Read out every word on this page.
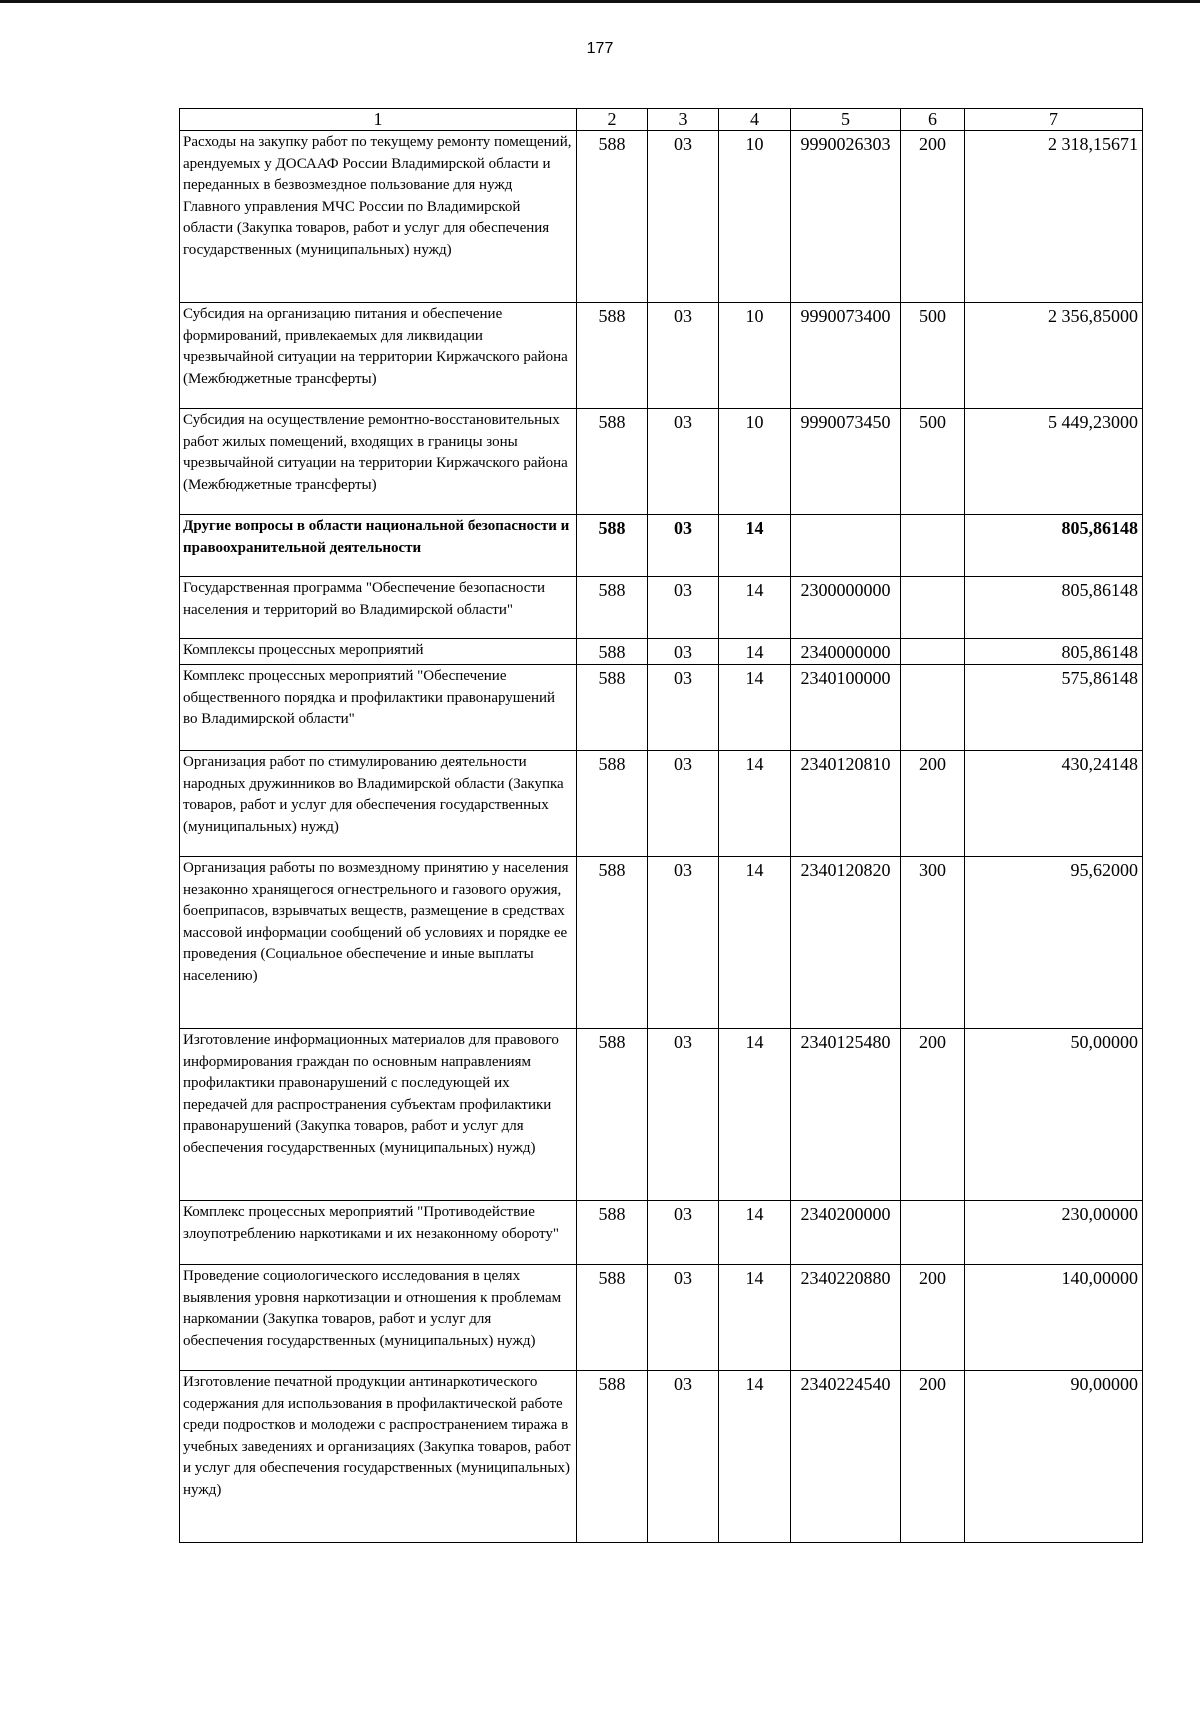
177
1	2	3	4	5	6	7
Расходы на закупку работ по текущему ремонту помещений, арендуемых у ДОСААФ России Владимирской области и переданных в безвозмездное пользование для нужд Главного управления МЧС России по Владимирской области (Закупка товаров, работ и услуг для обеспечения государственных (муниципальных) нужд)	588	03	10	9990026303	200	2 318,15671
Субсидия на организацию питания и обеспечение формирований, привлекаемых для ликвидации чрезвычайной ситуации на территории Киржачского района (Межбюджетные трансферты)	588	03	10	9990073400	500	2 356,85000
Субсидия на осуществление ремонтно-восстановительных работ жилых помещений, входящих в границы зоны чрезвычайной ситуации на территории Киржачского района (Межбюджетные трансферты)	588	03	10	9990073450	500	5 449,23000
Другие вопросы в области национальной безопасности и правоохранительной деятельности	588	03	14			805,86148
Государственная программа "Обеспечение безопасности населения и территорий во Владимирской области"	588	03	14	2300000000		805,86148
Комплексы процессных мероприятий	588	03	14	2340000000		805,86148
Комплекс процессных мероприятий "Обеспечение общественного порядка и профилактики правонарушений во Владимирской области"	588	03	14	2340100000		575,86148
Организация работ по стимулированию деятельности народных дружинников во Владимирской области (Закупка товаров, работ и услуг для обеспечения государственных (муниципальных) нужд)	588	03	14	2340120810	200	430,24148
Организация работы по возмездному принятию у населения незаконно хранящегося огнестрельного и газового оружия, боеприпасов, взрывчатых веществ, размещение в средствах массовой информации сообщений об условиях и порядке ее проведения (Социальное обеспечение и иные выплаты населению)	588	03	14	2340120820	300	95,62000
Изготовление информационных материалов для правового информирования граждан по основным направлениям профилактики правонарушений с последующей их передачей для распространения субъектам профилактики правонарушений (Закупка товаров, работ и услуг для обеспечения государственных (муниципальных) нужд)	588	03	14	2340125480	200	50,00000
Комплекс процессных мероприятий "Противодействие злоупотреблению наркотиками и их незаконному обороту"	588	03	14	2340200000		230,00000
Проведение социологического исследования в целях выявления уровня наркотизации и отношения к проблемам наркомании (Закупка товаров, работ и услуг для обеспечения государственных (муниципальных) нужд)	588	03	14	2340220880	200	140,00000
Изготовление печатной продукции антинаркотического содержания для использования в профилактической работе среди подростков и молодежи с распространением тиража в учебных заведениях и организациях (Закупка товаров, работ и услуг для обеспечения государственных (муниципальных) нужд)	588	03	14	2340224540	200	90,00000
